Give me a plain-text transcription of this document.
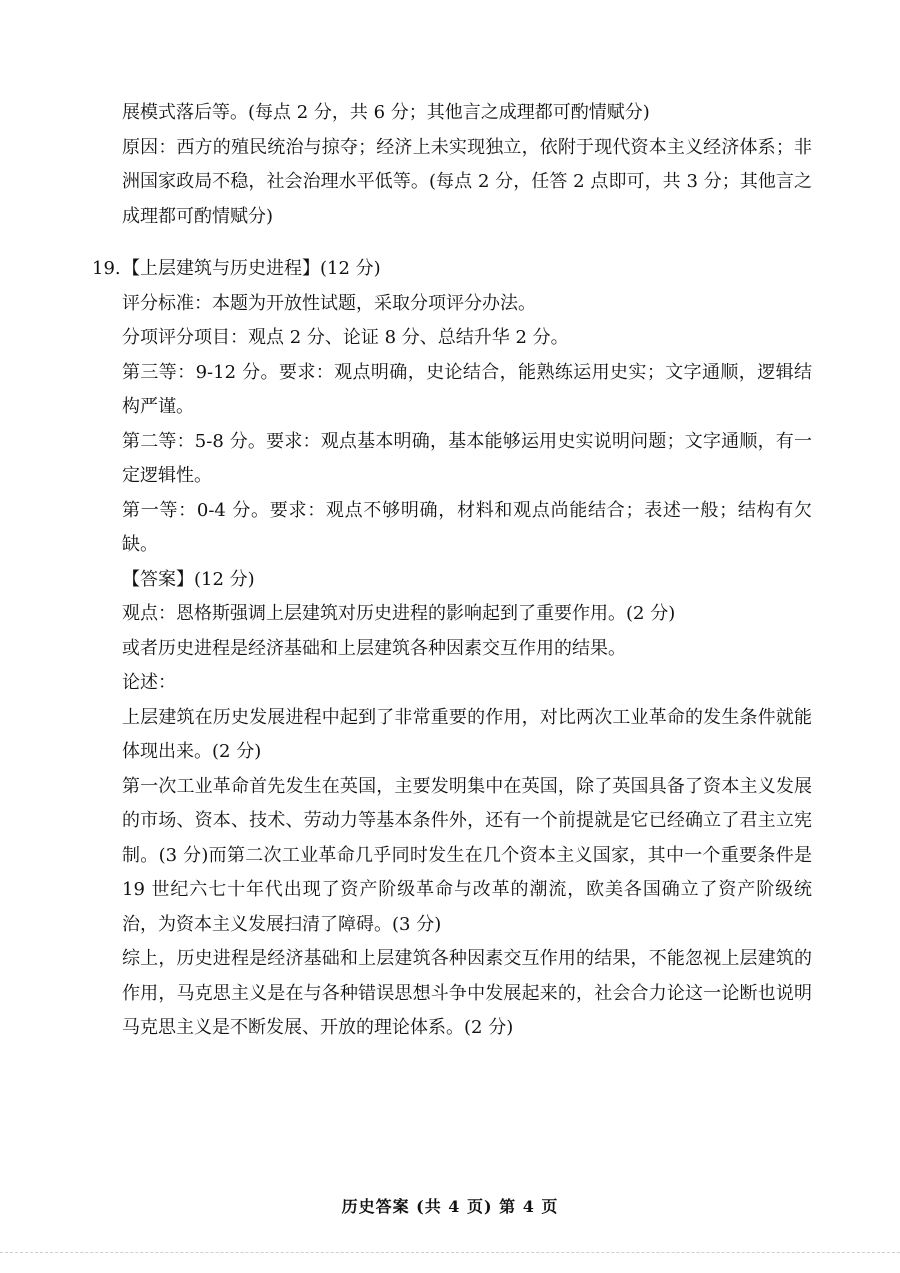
展模式落后等。(每点 2 分，共 6 分；其他言之成理都可酌情赋分)

原因：西方的殖民统治与掠夺；经济上未实现独立，依附于现代资本主义经济体系；非洲国家政局不稳，社会治理水平低等。(每点 2 分，任答 2 点即可，共 3 分；其他言之成理都可酌情赋分)

【上层建筑与历史进程】(12 分)

评分标准：本题为开放性试题，采取分项评分办法。

分项评分项目：观点 2 分、论证 8 分、总结升华 2 分。

第三等：9-12 分。要求：观点明确，史论结合，能熟练运用史实；文字通顺，逻辑结构严谨。

第二等：5-8 分。要求：观点基本明确，基本能够运用史实说明问题；文字通顺，有一定逻辑性。

第一等：0-4 分。要求：观点不够明确，材料和观点尚能结合；表述一般；结构有欠缺。

【答案】(12 分)

观点：恩格斯强调上层建筑对历史进程的影响起到了重要作用。(2 分)

或者历史进程是经济基础和上层建筑各种因素交互作用的结果。

论述：

上层建筑在历史发展进程中起到了非常重要的作用，对比两次工业革命的发生条件就能体现出来。(2 分)

第一次工业革命首先发生在英国，主要发明集中在英国，除了英国具备了资本主义发展的市场、资本、技术、劳动力等基本条件外，还有一个前提就是它已经确立了君主立宪制。(3 分)而第二次工业革命几乎同时发生在几个资本主义国家，其中一个重要条件是 19 世纪六七十年代出现了资产阶级革命与改革的潮流，欧美各国确立了资产阶级统治，为资本主义发展扫清了障碍。(3 分)

综上，历史进程是经济基础和上层建筑各种因素交互作用的结果，不能忽视上层建筑的作用，马克思主义是在与各种错误思想斗争中发展起来的，社会合力论这一论断也说明马克思主义是不断发展、开放的理论体系。(2 分)

19.
历史答案 (共 4 页) 第 4 页
